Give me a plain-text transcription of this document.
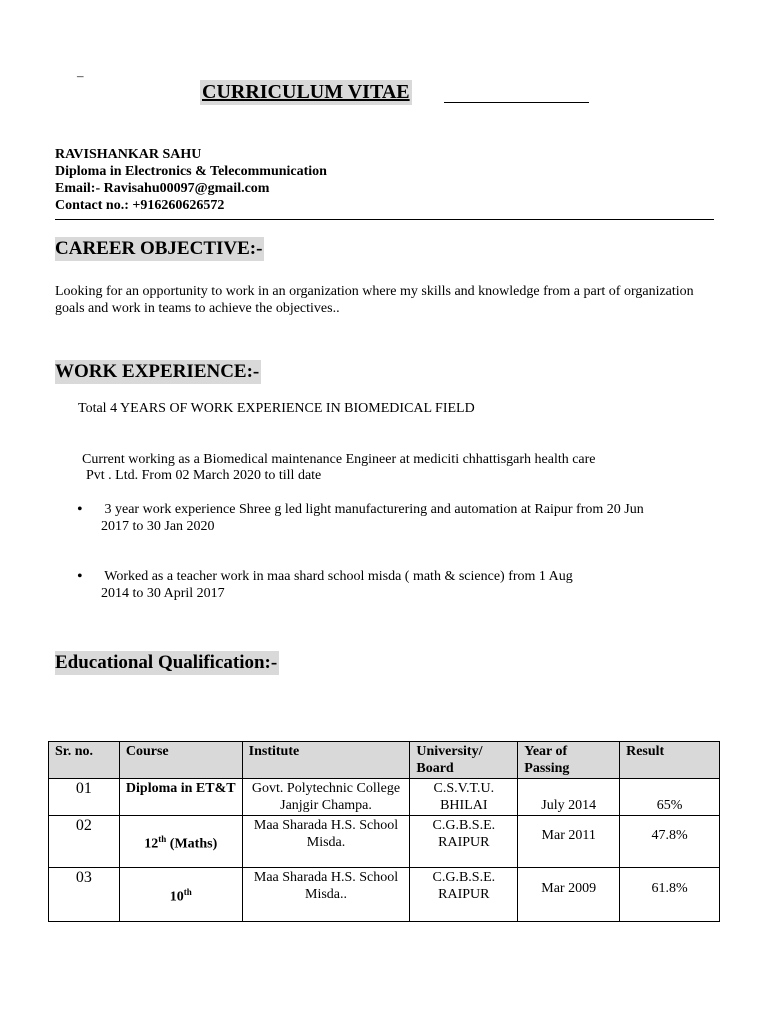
–
CURRICULUM VITAE
RAVISHANKAR SAHU
Diploma in Electronics & Telecommunication
Email:- Ravisahu00097@gmail.com
Contact no.: +916260626572
CAREER OBJECTIVE:-
Looking for an opportunity to work in an organization where my skills and knowledge from a part of organization goals and work in teams to achieve the objectives..
WORK EXPERIENCE:-
Total 4 YEARS OF WORK EXPERIENCE IN BIOMEDICAL FIELD
Current working as a Biomedical maintenance Engineer at mediciti chhattisgarh health care
Pvt . Ltd. From 02 March 2020 to till date
•	3 year work experience Shree g led light manufacturering and automation at Raipur from 20 Jun
2017 to 30 Jan 2020
•	Worked as a teacher work in maa shard school misda ( math & science) from 1 Aug
2014 to 30 April 2017
Educational Qualification:-
Sr. no.	Course	Institute	University/ Board	Year of Passing	Result
01	Diploma in ET&T	Govt. Polytechnic College Janjgir Champa.	C.S.V.T.U. BHILAI	July 2014	65%
02	12th (Maths)	Maa Sharada H.S. School Misda.	C.G.B.S.E. RAIPUR	Mar 2011	47.8%
03	10th	Maa Sharada H.S. School Misda..	C.G.B.S.E. RAIPUR	Mar 2009	61.8%
